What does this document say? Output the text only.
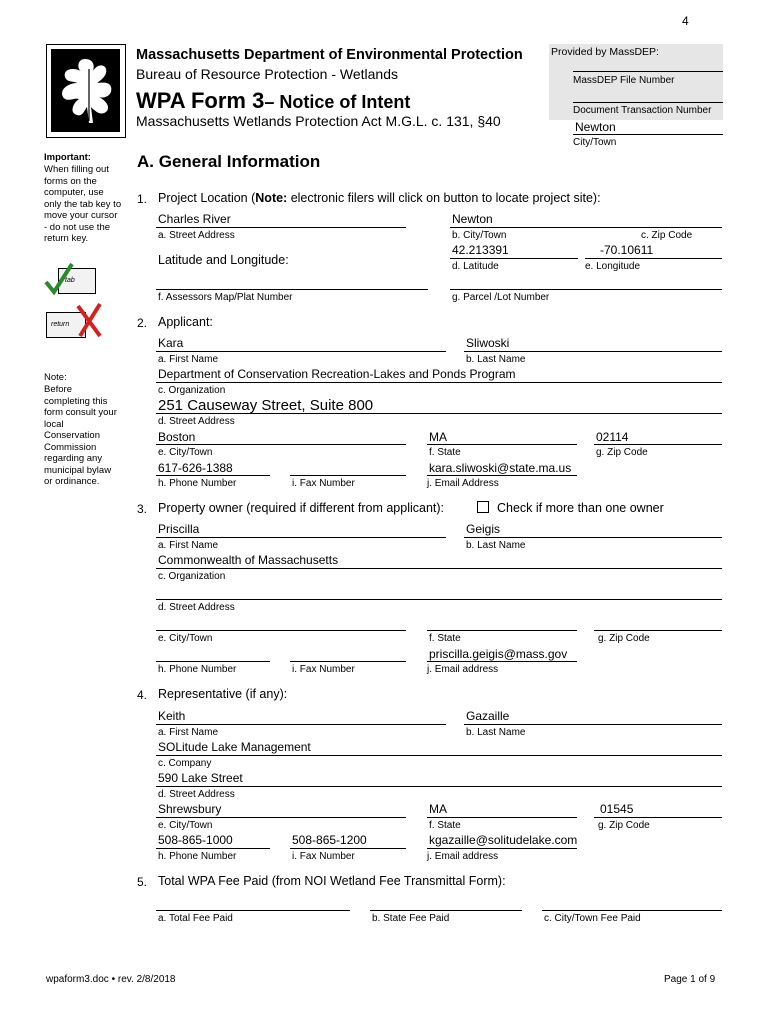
4
Massachusetts Department of Environmental Protection
Bureau of Resource Protection - Wetlands
WPA Form 3– Notice of Intent
Massachusetts Wetlands Protection Act M.G.L. c. 131, §40
Provided by MassDEP:
MassDEP File Number
Document Transaction Number
Newton
City/Town
Important:
When filling out forms on the computer, use only the tab key to move your cursor - do not use the return key.
tab
return
Note:
Before completing this form consult your local Conservation Commission regarding any municipal bylaw or ordinance.
A. General Information
1. Project Location (Note: electronic filers will click on button to locate project site):
Charles River
a. Street Address
Newton
b. City/Town	c. Zip Code
Latitude and Longitude:
42.213391
d. Latitude
-70.10611
e. Longitude
f. Assessors Map/Plat Number	g. Parcel /Lot Number
2. Applicant:
Kara
a. First Name
Sliwoski
b. Last Name
Department of Conservation Recreation-Lakes and Ponds Program
c. Organization
251 Causeway Street, Suite 800
d. Street Address
Boston
e. City/Town
MA
f. State
02114
g. Zip Code
617-626-1388
h. Phone Number	i. Fax Number
kara.sliwoski@state.ma.us
j. Email Address
3. Property owner (required if different from applicant):	Check if more than one owner
Priscilla
a. First Name
Geigis
b. Last Name
Commonwealth of Massachusetts
c. Organization
d. Street Address
e. City/Town	f. State	g. Zip Code
h. Phone Number	i. Fax Number
priscilla.geigis@mass.gov
j. Email address
4. Representative (if any):
Keith
a. First Name
Gazaille
b. Last Name
SOLitude Lake Management
c. Company
590 Lake Street
d. Street Address
Shrewsbury
e. City/Town
MA
f. State
01545
g. Zip Code
508-865-1000
h. Phone Number
508-865-1200
i. Fax Number
kgazaille@solitudelake.com
j. Email address
5. Total WPA Fee Paid (from NOI Wetland Fee Transmittal Form):
a. Total Fee Paid	b. State Fee Paid	c. City/Town Fee Paid
wpaform3.doc • rev. 2/8/2018	Page 1 of 9
